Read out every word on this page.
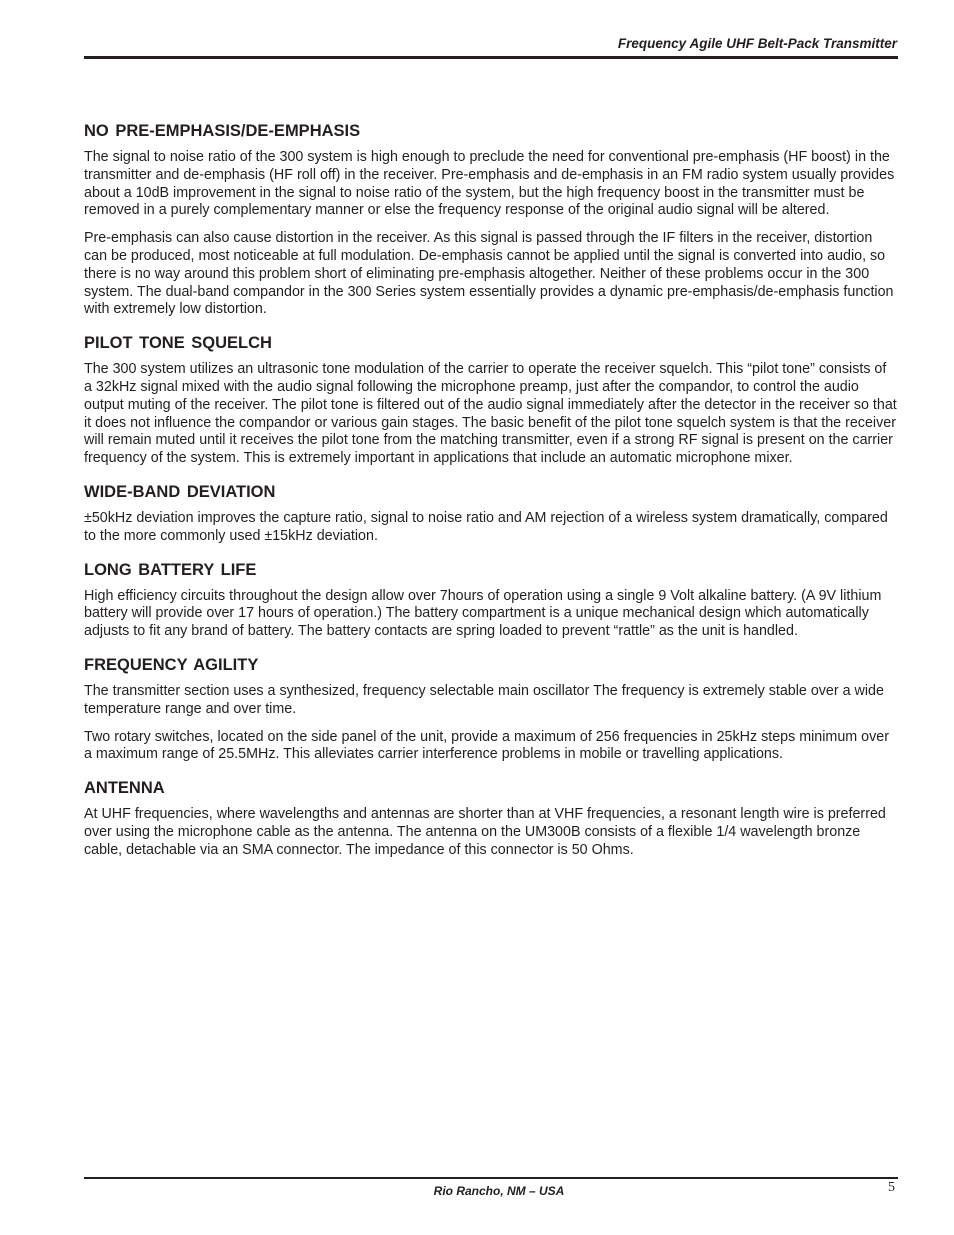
Frequency Agile UHF Belt-Pack Transmitter

NO PRE-EMPHASIS/DE-EMPHASIS

The signal to noise ratio of the 300 system is high enough to preclude the need for conventional pre-emphasis (HF boost) in the transmitter and de-emphasis (HF roll off) in the receiver. Pre-emphasis and de-emphasis in an FM radio system usually provides about a 10dB improvement in the signal to noise ratio of the system, but the high frequency boost in the transmitter must be removed in a purely complementary manner or else the frequency response of the original audio signal will be altered.

Pre-emphasis can also cause distortion in the receiver. As this signal is passed through the IF filters in the receiver, distortion can be produced, most noticeable at full modulation. De-emphasis cannot be applied until the signal is converted into audio, so there is no way around this problem short of eliminating pre-emphasis altogether. Neither of these problems occur in the 300 system. The dual-band compandor in the 300 Series system essentially provides a dynamic pre-emphasis/de-emphasis function with extremely low distortion.

PILOT TONE SQUELCH

The 300 system utilizes an ultrasonic tone modulation of the carrier to operate the receiver squelch. This “pilot tone” consists of a 32kHz signal mixed with the audio signal following the microphone preamp, just after the compandor, to control the audio output muting of the receiver. The pilot tone is filtered out of the audio signal immediately after the detector in the receiver so that it does not influence the compandor or various gain stages. The basic benefit of the pilot tone squelch system is that the receiver will remain muted until it receives the pilot tone from the matching transmitter, even if a strong RF signal is present on the carrier frequency of the system. This is extremely important in applications that include an automatic microphone mixer.

WIDE-BAND DEVIATION

±50kHz deviation improves the capture ratio, signal to noise ratio and AM rejection of a wireless system dramatically, compared to the more commonly used ±15kHz deviation.

LONG BATTERY LIFE

High efficiency circuits throughout the design allow over 7hours of operation using a single 9 Volt alkaline battery. (A 9V lithium battery will provide over 17 hours of operation.) The battery compartment is a unique mechanical design which automatically adjusts to fit any brand of battery. The battery contacts are spring loaded to prevent “rattle” as the unit is handled.

FREQUENCY AGILITY

The transmitter section uses a synthesized, frequency selectable main oscillator The frequency is extremely stable over a wide temperature range and over time.

Two rotary switches, located on the side panel of the unit, provide a maximum of 256 frequencies in 25kHz steps minimum over a maximum range of 25.5MHz. This alleviates carrier interference problems in mobile or travelling applications.

ANTENNA

At UHF frequencies, where wavelengths and antennas are shorter than at VHF frequencies, a resonant length wire is preferred over using the microphone cable as the antenna. The antenna on the UM300B consists of a flexible 1/4 wavelength bronze cable, detachable via an SMA connector. The impedance of this connector is 50 Ohms.

Rio Rancho, NM – USA	5
